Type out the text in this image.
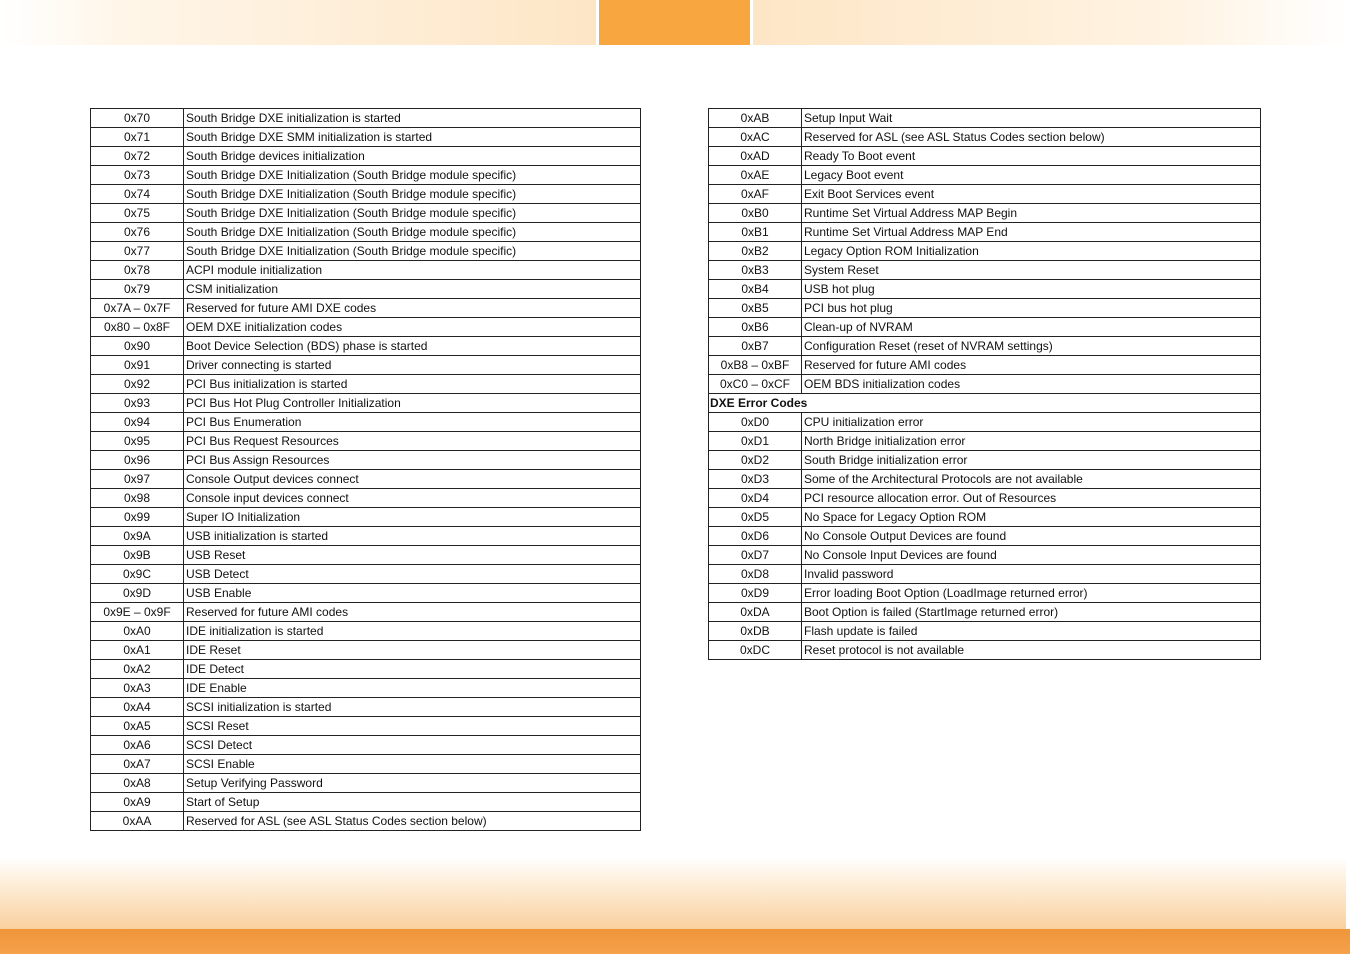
0x70	South Bridge DXE initialization is started
0x71	South Bridge DXE SMM initialization is started
0x72	South Bridge devices initialization
0x73	South Bridge DXE Initialization (South Bridge module specific)
0x74	South Bridge DXE Initialization (South Bridge module specific)
0x75	South Bridge DXE Initialization (South Bridge module specific)
0x76	South Bridge DXE Initialization (South Bridge module specific)
0x77	South Bridge DXE Initialization (South Bridge module specific)
0x78	ACPI module initialization
0x79	CSM initialization
0x7A – 0x7F	Reserved for future AMI DXE codes
0x80 – 0x8F	OEM DXE initialization codes
0x90	Boot Device Selection (BDS) phase is started
0x91	Driver connecting is started
0x92	PCI Bus initialization is started
0x93	PCI Bus Hot Plug Controller Initialization
0x94	PCI Bus Enumeration
0x95	PCI Bus Request Resources
0x96	PCI Bus Assign Resources
0x97	Console Output devices connect
0x98	Console input devices connect
0x99	Super IO Initialization
0x9A	USB initialization is started
0x9B	USB Reset
0x9C	USB Detect
0x9D	USB Enable
0x9E – 0x9F	Reserved for future AMI codes
0xA0	IDE initialization is started
0xA1	IDE Reset
0xA2	IDE Detect
0xA3	IDE Enable
0xA4	SCSI initialization is started
0xA5	SCSI Reset
0xA6	SCSI Detect
0xA7	SCSI Enable
0xA8	Setup Verifying Password
0xA9	Start of Setup
0xAA	Reserved for ASL (see ASL Status Codes section below)
0xAB	Setup Input Wait
0xAC	Reserved for ASL (see ASL Status Codes section below)
0xAD	Ready To Boot event
0xAE	Legacy Boot event
0xAF	Exit Boot Services event
0xB0	Runtime Set Virtual Address MAP Begin
0xB1	Runtime Set Virtual Address MAP End
0xB2	Legacy Option ROM Initialization
0xB3	System Reset
0xB4	USB hot plug
0xB5	PCI bus hot plug
0xB6	Clean-up of NVRAM
0xB7	Configuration Reset (reset of NVRAM settings)
0xB8 – 0xBF	Reserved for future AMI codes
0xC0 – 0xCF	OEM BDS initialization codes
DXE Error Codes	
0xD0	CPU initialization error
0xD1	North Bridge initialization error
0xD2	South Bridge initialization error
0xD3	Some of the Architectural Protocols are not available
0xD4	PCI resource allocation error. Out of Resources
0xD5	No Space for Legacy Option ROM
0xD6	No Console Output Devices are found
0xD7	No Console Input Devices are found
0xD8	Invalid password
0xD9	Error loading Boot Option (LoadImage returned error)
0xDA	Boot Option is failed (StartImage returned error)
0xDB	Flash update is failed
0xDC	Reset protocol is not available
